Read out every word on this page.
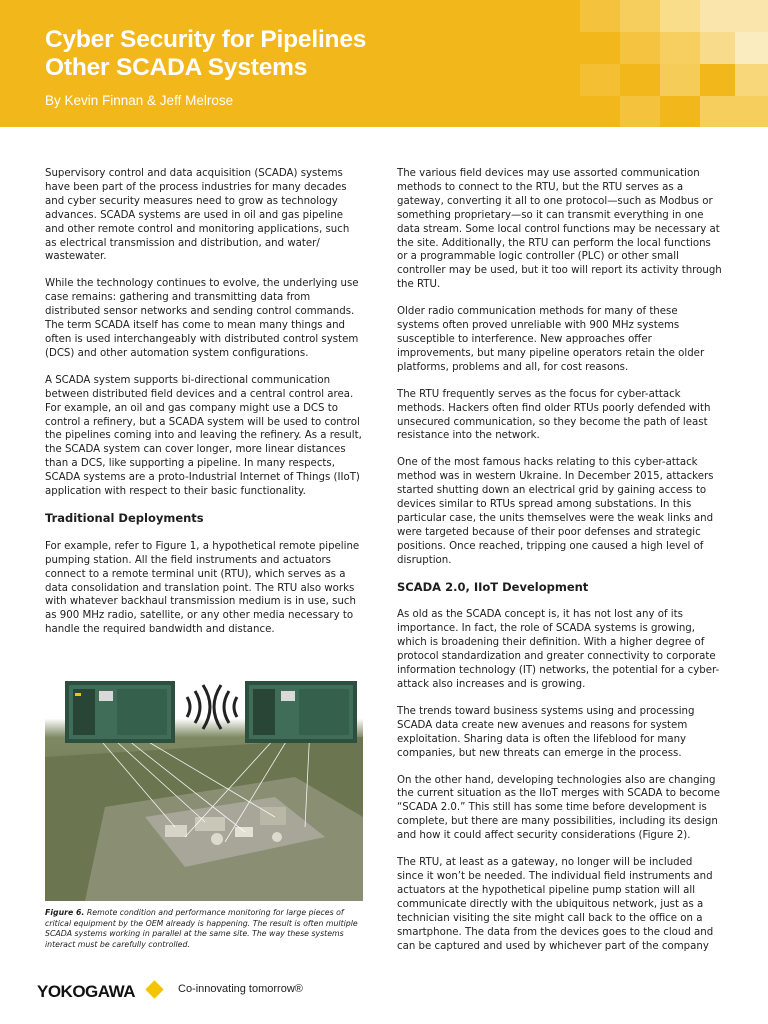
Cyber Security for Pipelines
Other SCADA Systems
By Kevin Finnan & Jeff Melrose

Supervisory control and data acquisition (SCADA) systems have been part of the process industries for many decades and cyber security measures need to grow as technology advances. SCADA systems are used in oil and gas pipeline and other remote control and monitoring applications, such as electrical transmission and distribution, and water/ wastewater.

While the technology continues to evolve, the underlying use case remains: gathering and transmitting data from distributed sensor networks and sending control commands. The term SCADA itself has come to mean many things and often is used interchangeably with distributed control system (DCS) and other automation system configurations.

A SCADA system supports bi-directional communication between distributed field devices and a central control area. For example, an oil and gas company might use a DCS to control a refinery, but a SCADA system will be used to control the pipelines coming into and leaving the refinery. As a result, the SCADA system can cover longer, more linear distances than a DCS, like supporting a pipeline. In many respects, SCADA systems are a proto-Industrial Internet of Things (IIoT) application with respect to their basic functionality.

Traditional Deployments

For example, refer to Figure 1, a hypothetical remote pipeline pumping station. All the field instruments and actuators connect to a remote terminal unit (RTU), which serves as a data consolidation and translation point. The RTU also works with whatever backhaul transmission medium is in use, such as 900 MHz radio, satellite, or any other media necessary to handle the required bandwidth and distance.

Figure 6. Remote condition and performance monitoring for large pieces of critical equipment by the OEM already is happening. The result is often multiple SCADA systems working in parallel at the same site. The way these systems interact must be carefully controlled.

The various field devices may use assorted communication methods to connect to the RTU, but the RTU serves as a gateway, converting it all to one protocol—such as Modbus or something proprietary—so it can transmit everything in one data stream. Some local control functions may be necessary at the site. Additionally, the RTU can perform the local functions or a programmable logic controller (PLC) or other small controller may be used, but it too will report its activity through the RTU.

Older radio communication methods for many of these systems often proved unreliable with 900 MHz systems susceptible to interference. New approaches offer improvements, but many pipeline operators retain the older platforms, problems and all, for cost reasons.

The RTU frequently serves as the focus for cyber-attack methods. Hackers often find older RTUs poorly defended with unsecured communication, so they become the path of least resistance into the network.

One of the most famous hacks relating to this cyber-attack method was in western Ukraine. In December 2015, attackers started shutting down an electrical grid by gaining access to devices similar to RTUs spread among substations. In this particular case, the units themselves were the weak links and were targeted because of their poor defenses and strategic positions. Once reached, tripping one caused a high level of disruption.

SCADA 2.0, IIoT Development

As old as the SCADA concept is, it has not lost any of its importance. In fact, the role of SCADA systems is growing, which is broadening their definition. With a higher degree of protocol standardization and greater connectivity to corporate information technology (IT) networks, the potential for a cyber-attack also increases and is growing.

The trends toward business systems using and processing SCADA data create new avenues and reasons for system exploitation. Sharing data is often the lifeblood for many companies, but new threats can emerge in the process.

On the other hand, developing technologies also are changing the current situation as the IIoT merges with SCADA to become “SCADA 2.0.” This still has some time before development is complete, but there are many possibilities, including its design and how it could affect security considerations (Figure 2).

The RTU, at least as a gateway, no longer will be included since it won’t be needed. The individual field instruments and actuators at the hypothetical pipeline pump station will all communicate directly with the ubiquitous network, just as a technician visiting the site might call back to the office on a smartphone. The data from the devices goes to the cloud and can be captured and used by whichever part of the company

YOKOGAWA	Co-innovating tomorrow®
